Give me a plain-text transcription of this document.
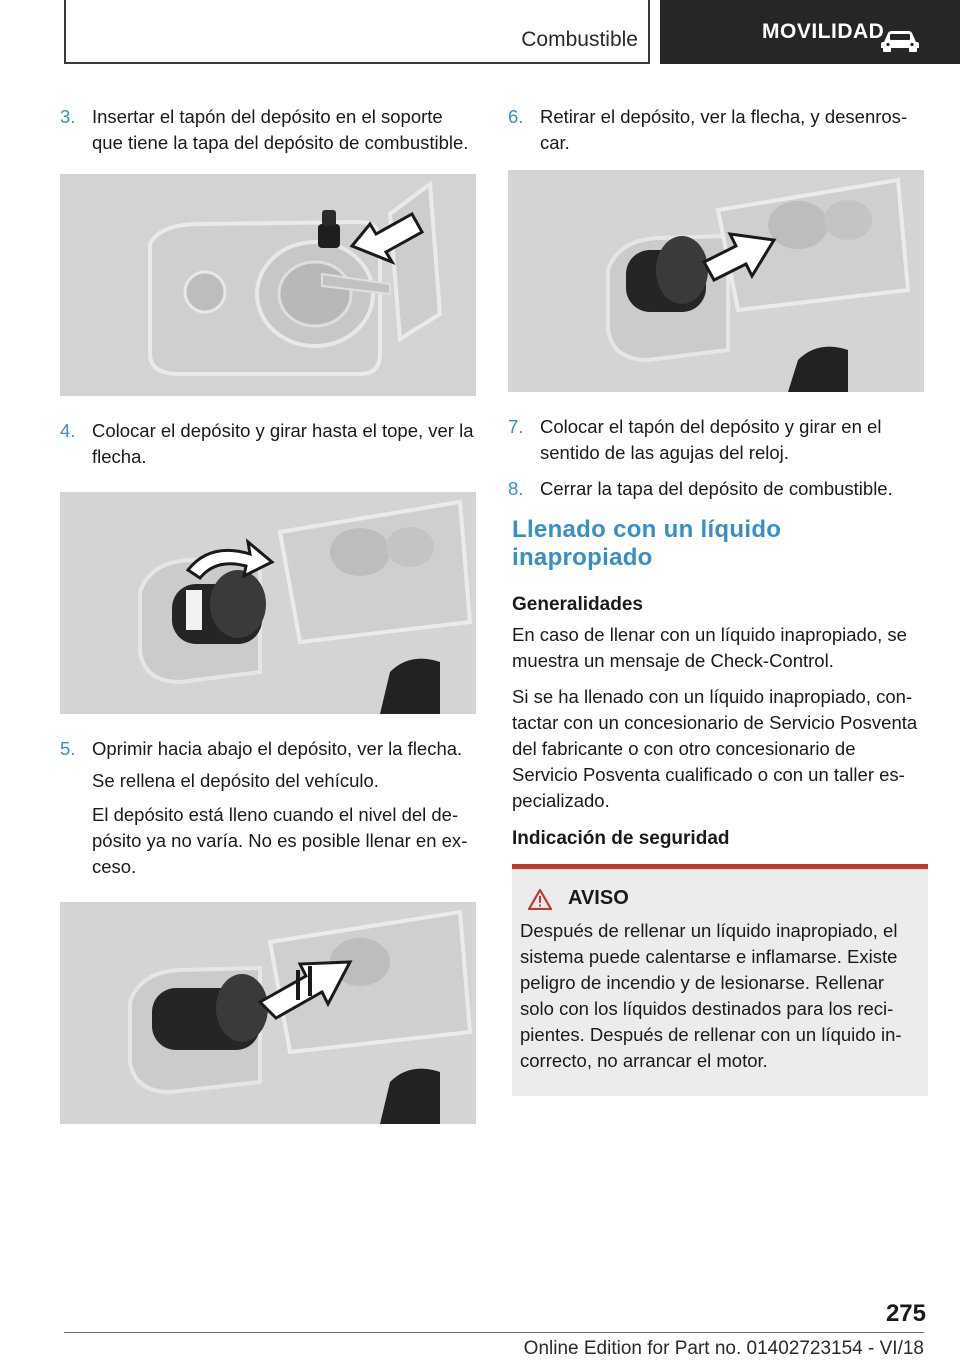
Combustible	MOVILIDAD
3. Insertar el tapón del depósito en el soporte que tiene la tapa del depósito de combustible.
4. Colocar el depósito y girar hasta el tope, ver la flecha.
5. Oprimir hacia abajo el depósito, ver la flecha.
Se rellena el depósito del vehículo.
El depósito está lleno cuando el nivel del depósito ya no varía. No es posible llenar en exceso.
6. Retirar el depósito, ver la flecha, y desenroscar.
7. Colocar el tapón del depósito y girar en el sentido de las agujas del reloj.
8. Cerrar la tapa del depósito de combustible.
Llenado con un líquido inapropiado
Generalidades
En caso de llenar con un líquido inapropiado, se muestra un mensaje de Check-Control.
Si se ha llenado con un líquido inapropiado, contactar con un concesionario de Servicio Posventa del fabricante o con otro concesionario de Servicio Posventa cualificado o con un taller especializado.
Indicación de seguridad
AVISO
Después de rellenar un líquido inapropiado, el sistema puede calentarse e inflamarse. Existe peligro de incendio y de lesionarse. Rellenar solo con los líquidos destinados para los recipientes. Después de rellenar con un líquido incorrecto, no arrancar el motor.
275
Online Edition for Part no. 01402723154 - VI/18
